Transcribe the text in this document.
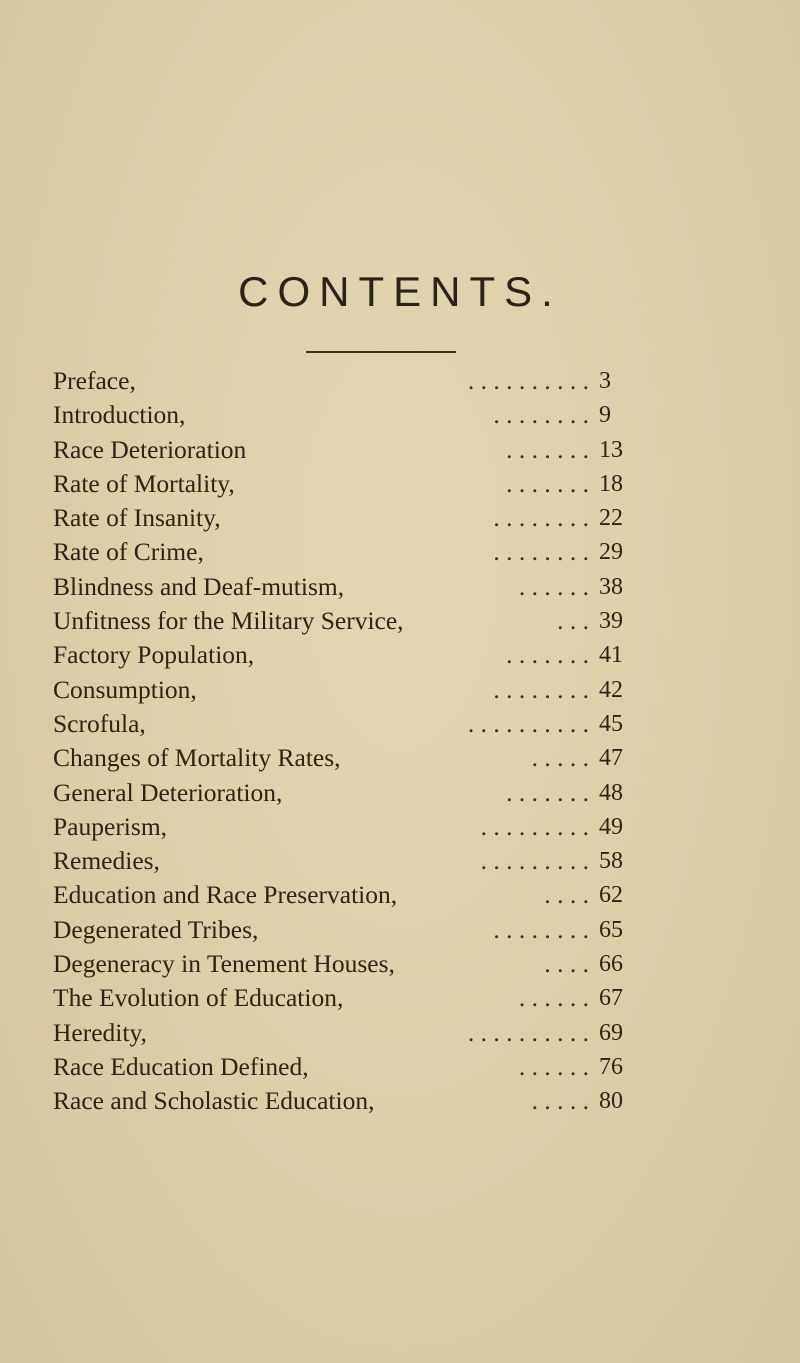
CONTENTS.
Preface,	. . . . . . . . . . 3
Introduction,	. . . . . . . . 9
Race Deterioration	. . . . . . . 13
Rate of Mortality,	. . . . . . . 18
Rate of Insanity,	. . . . . . . . 22
Rate of Crime,	. . . . . . . . 29
Blindness and Deaf-mutism,	. . . . . . 38
Unfitness for the Military Service,	. . . 39
Factory Population,	. . . . . . . 41
Consumption,	. . . . . . . . 42
Scrofula,	. . . . . . . . . . 45
Changes of Mortality Rates,	. . . . . 47
General Deterioration,	. . . . . . . 48
Pauperism,	. . . . . . . . . 49
Remedies,	. . . . . . . . . 58
Education and Race Preservation,	. . . . 62
Degenerated Tribes,	. . . . . . . . 65
Degeneracy in Tenement Houses,	. . . . 66
The Evolution of Education,	. . . . . . 67
Heredity,	. . . . . . . . . . 69
Race Education Defined,	. . . . . . 76
Race and Scholastic Education,	. . . . . 80
